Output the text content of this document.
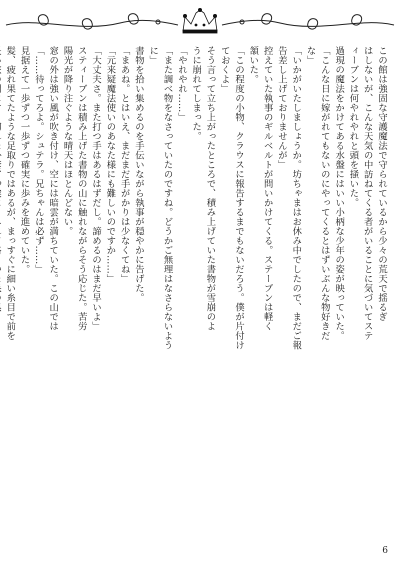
この館は強固な守護魔法で守られているから少々の荒天で揺るぎ

はしないが、こんな天気の中訪ねてくる者がいることに気づいてステ

ィーブンは何やれやれと頭を掻いた。

過現の魔法をかけてある水盤にはいい小柄な少年の姿が映っていた。

「こんな日に嫁がれてもないのにやってくるとはずいぶんな物好きだ

な」

「いかがいたしましょうか。坊ちゃまはお休み中でしたので、まだご報

告差し上げておりませんが」

控えていた執事のギルベルトが問いかけてくる。ステーブンは軽く

頷いた。

「この程度の小物、クラウスに報告するまでもないだろう。僕が片付け

ておくよ」

そう言って立ち上がったところで、積み上げていた書物が雪崩のよ

うに崩れてしまった。

「やれやれ……」

「また調べ物をなさっていたのですね。どうかご無理はなさらないよう

に」

書物を拾い集めるのを手伝いながら執事が穏やかに告げた。

「まあね。とはいえ、まだまだ手がかりは少なくてね」

「元来疑魔法使いのあなた様にも難しいのですか……」

「大丈夫さ。また打つ手はあるはずだし。諦めるのはまだ早いよ」

スティーブンは積み上げた書物の山に触れながらそう応じた。苦労

陽光が降り注ぐような晴天はほとんどない。

窓の外は強い風が吹き付け、空には暗雲が満ちていた。この山では

「……待ってろよ。シュテラ。兄ちゃんは必ず……」

見据えて一歩ずつ一歩ずつ確実に歩みを進めていた。

髪、疲れ果てたような足取りではあるが、まっすぐに細い糸目で前を

6
